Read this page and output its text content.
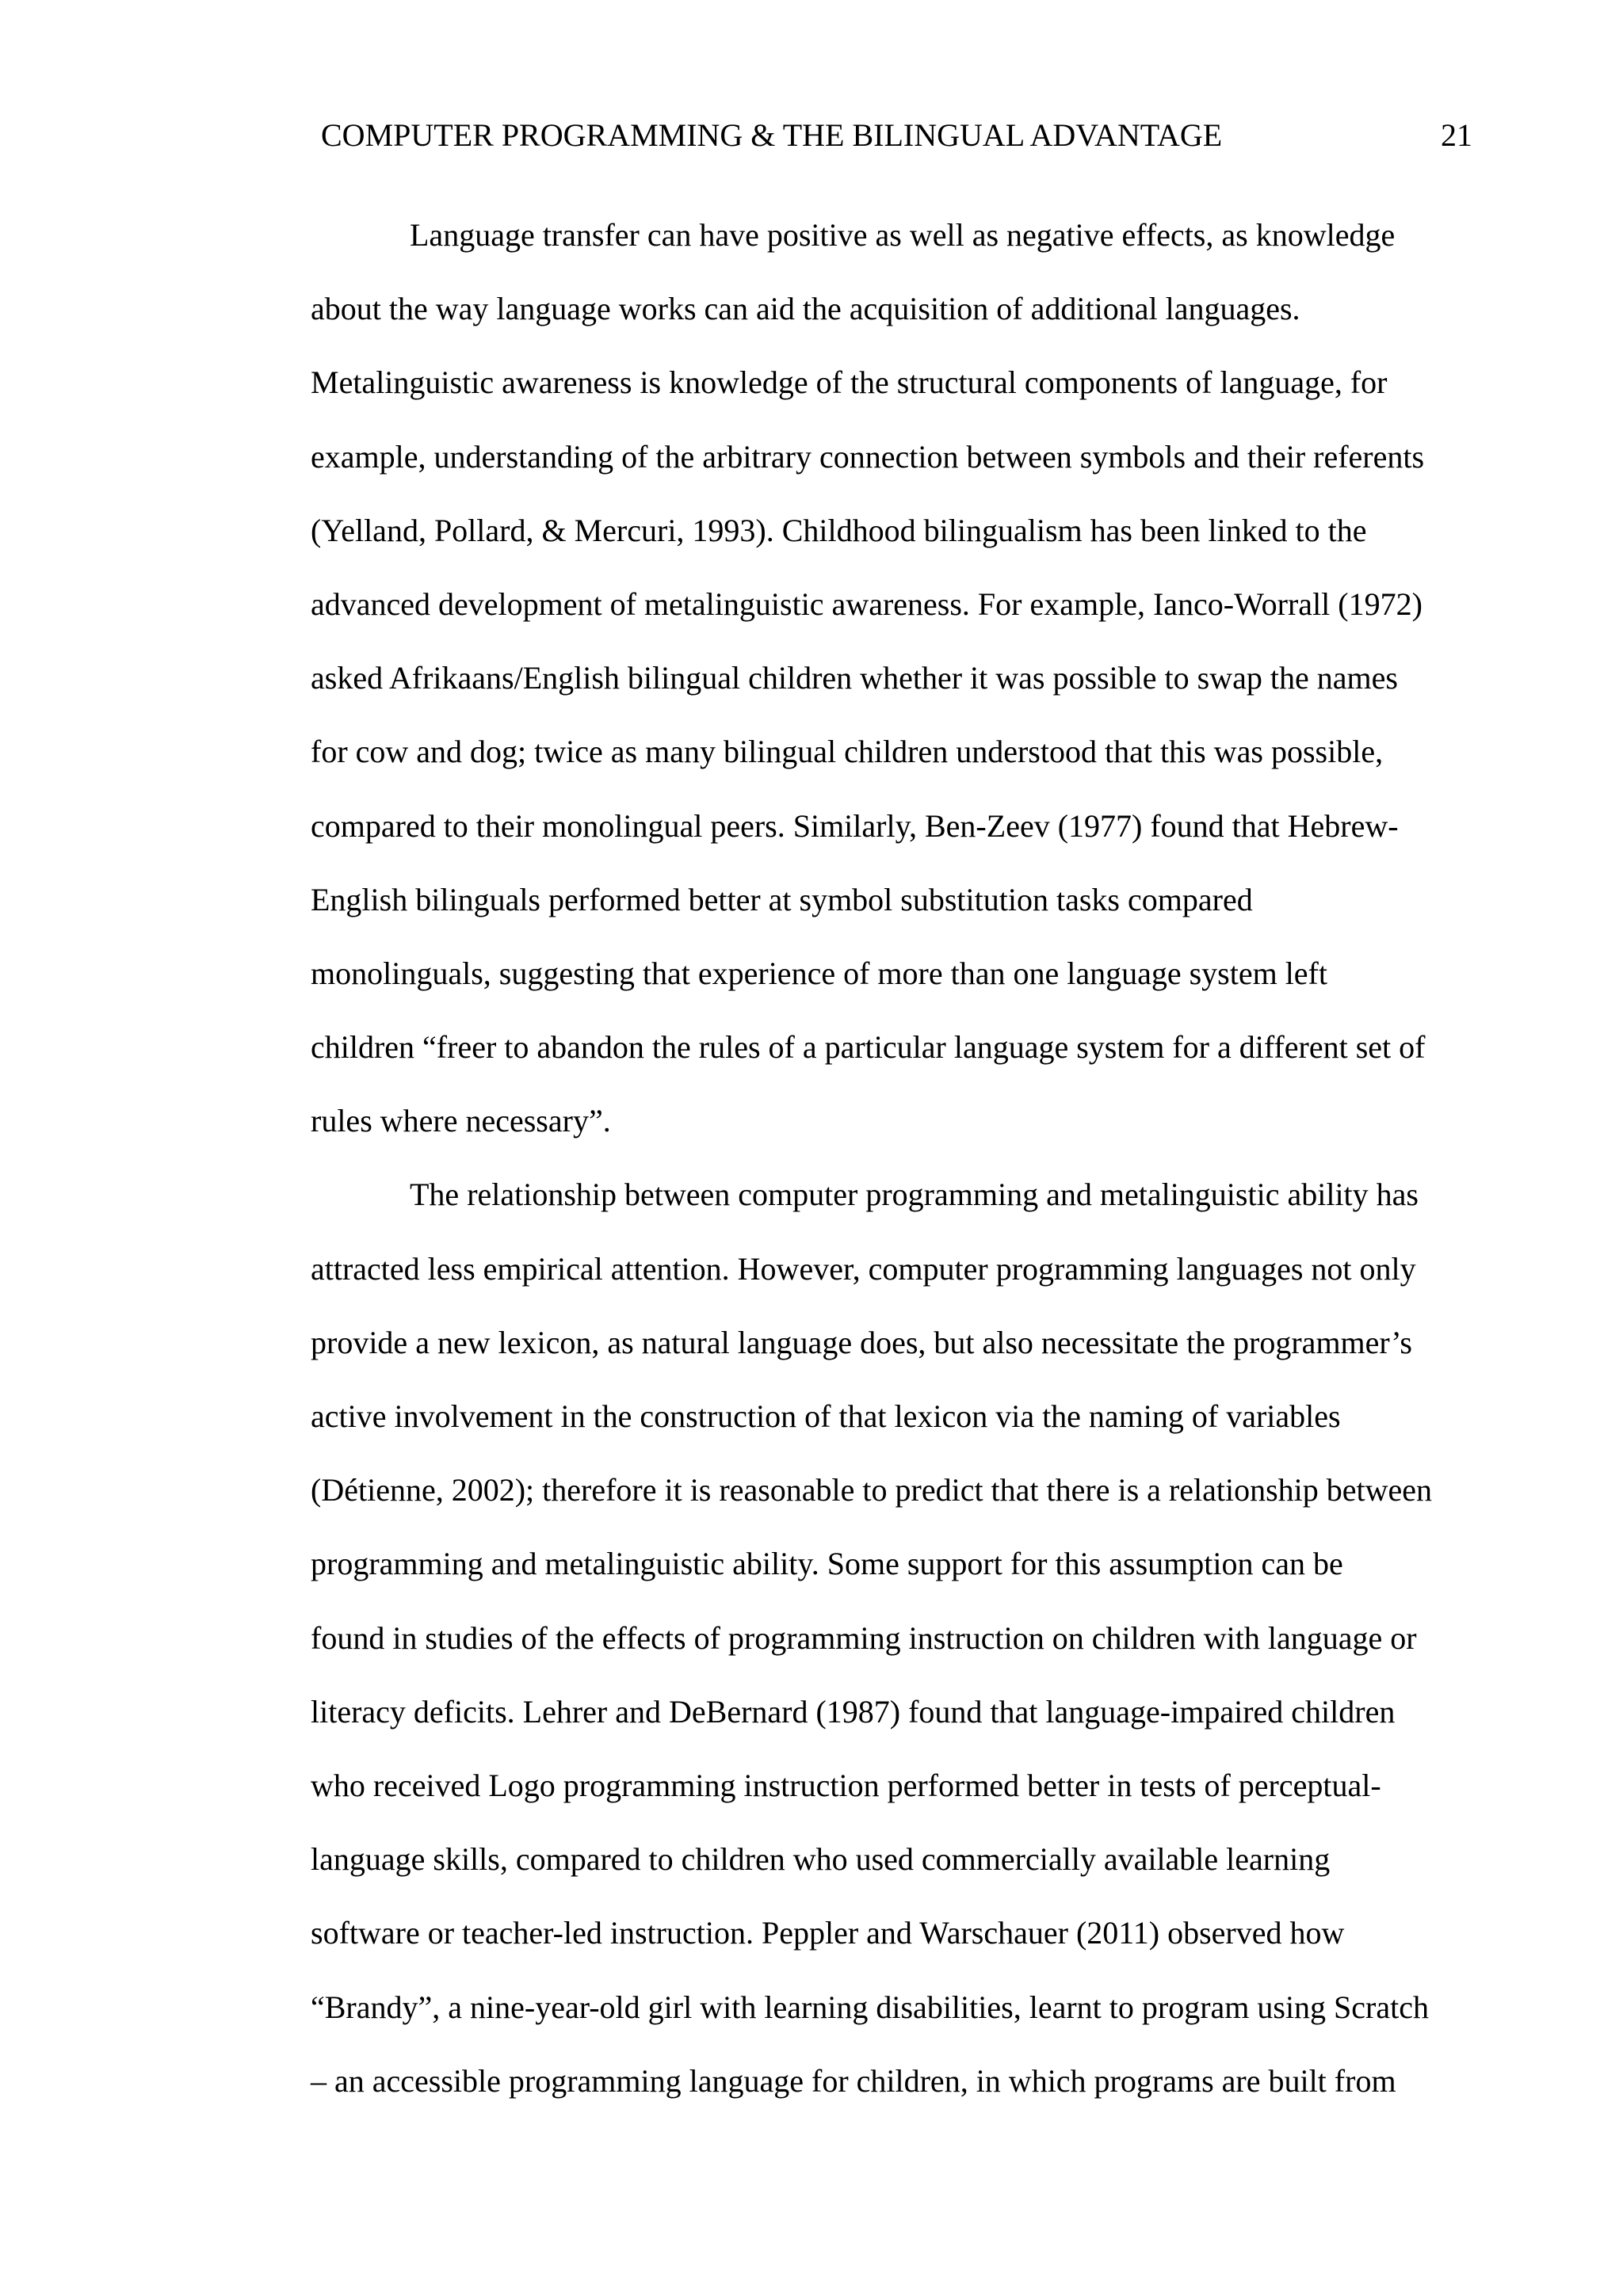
COMPUTER PROGRAMMING & THE BILINGUAL ADVANTAGE	21
Language transfer can have positive as well as negative effects, as knowledge
about the way language works can aid the acquisition of additional languages.
Metalinguistic awareness is knowledge of the structural components of language, for
example, understanding of the arbitrary connection between symbols and their referents
(Yelland, Pollard, & Mercuri, 1993). Childhood bilingualism has been linked to the
advanced development of metalinguistic awareness. For example, Ianco-Worrall (1972)
asked Afrikaans/English bilingual children whether it was possible to swap the names
for cow and dog; twice as many bilingual children understood that this was possible,
compared to their monolingual peers. Similarly, Ben-Zeev (1977) found that Hebrew-
English bilinguals performed better at symbol substitution tasks compared
monolinguals, suggesting that experience of more than one language system left
children “freer to abandon the rules of a particular language system for a different set of
rules where necessary”.
The relationship between computer programming and metalinguistic ability has
attracted less empirical attention. However, computer programming languages not only
provide a new lexicon, as natural language does, but also necessitate the programmer’s
active involvement in the construction of that lexicon via the naming of variables
(Détienne, 2002); therefore it is reasonable to predict that there is a relationship between
programming and metalinguistic ability. Some support for this assumption can be
found in studies of the effects of programming instruction on children with language or
literacy deficits. Lehrer and DeBernard (1987) found that language-impaired children
who received Logo programming instruction performed better in tests of perceptual-
language skills, compared to children who used commercially available learning
software or teacher-led instruction. Peppler and Warschauer (2011) observed how
“Brandy”, a nine-year-old girl with learning disabilities, learnt to program using Scratch
– an accessible programming language for children, in which programs are built from
